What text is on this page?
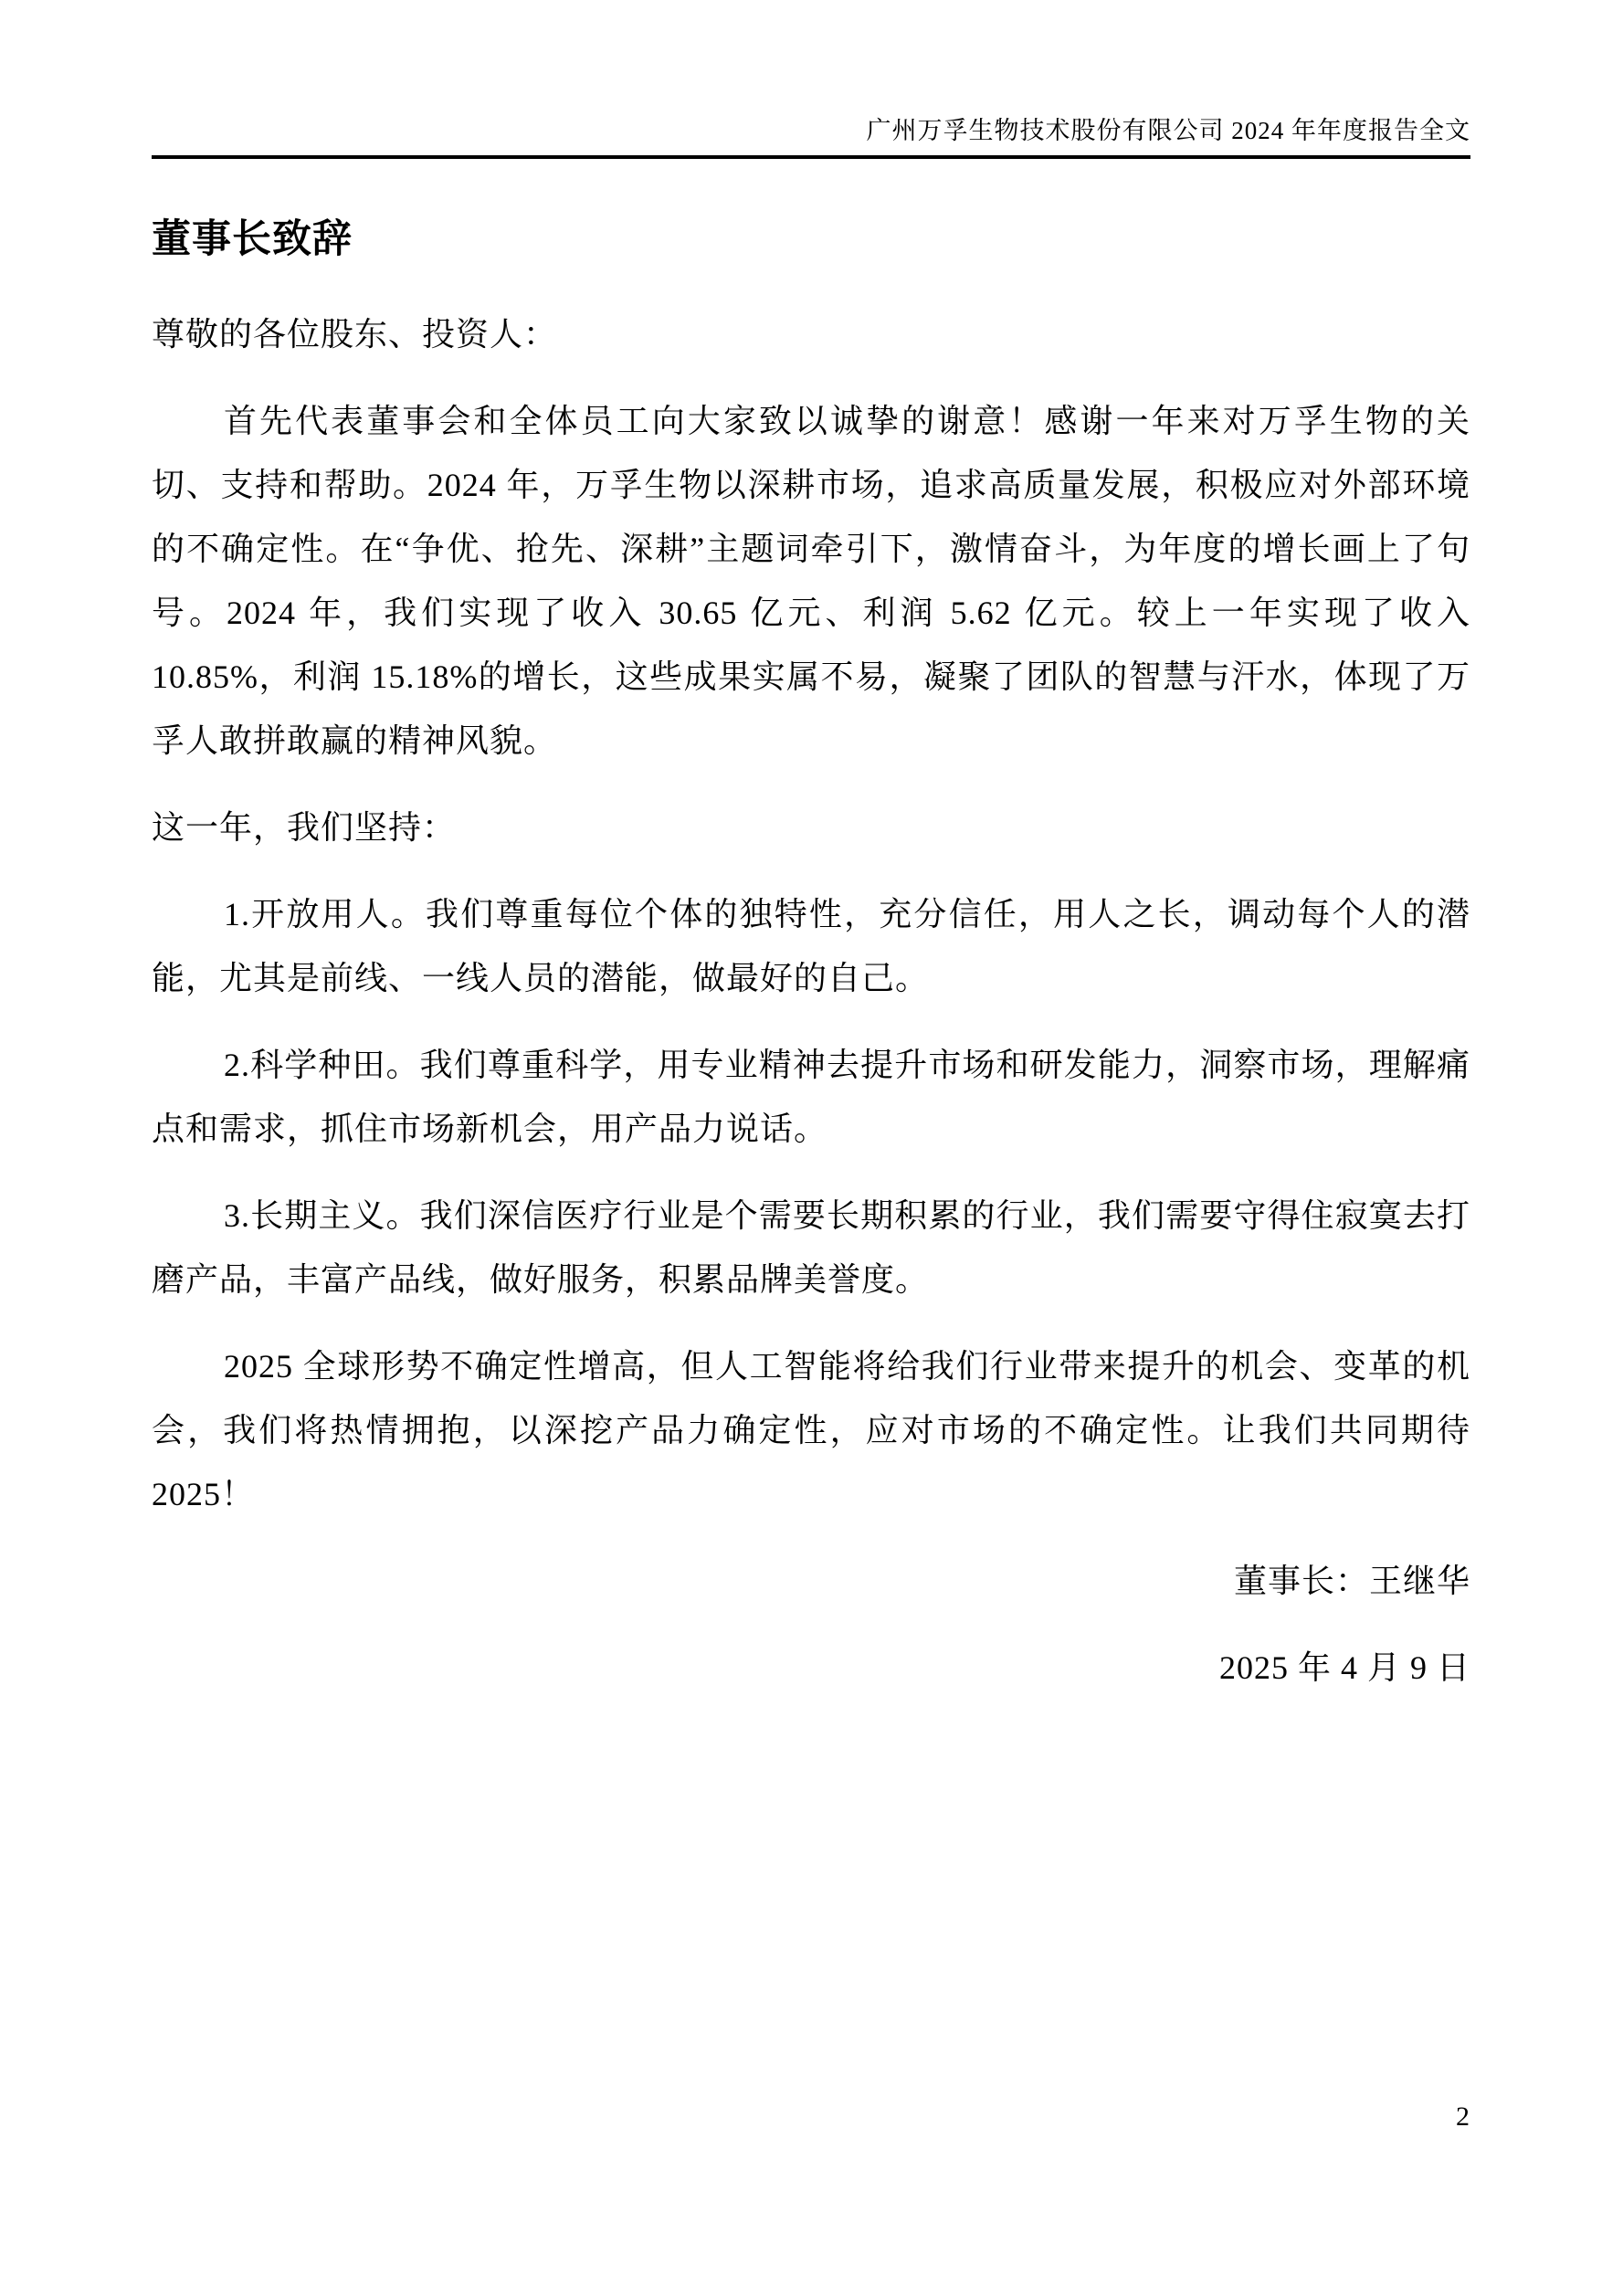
广州万孚生物技术股份有限公司 2024 年年度报告全文
董事长致辞

尊敬的各位股东、投资人：

首先代表董事会和全体员工向大家致以诚挚的谢意！感谢一年来对万孚生物的关切、支持和帮助。2024 年，万孚生物以深耕市场，追求高质量发展，积极应对外部环境的不确定性。在“争优、抢先、深耕”主题词牵引下，激情奋斗，为年度的增长画上了句号。2024 年，我们实现了收入 30.65 亿元、利润 5.62 亿元。较上一年实现了收入 10.85%，利润 15.18%的增长，这些成果实属不易，凝聚了团队的智慧与汗水，体现了万孚人敢拼敢赢的精神风貌。

这一年，我们坚持：

1.开放用人。我们尊重每位个体的独特性，充分信任，用人之长，调动每个人的潜能，尤其是前线、一线人员的潜能，做最好的自己。

2.科学种田。我们尊重科学，用专业精神去提升市场和研发能力，洞察市场，理解痛点和需求，抓住市场新机会，用产品力说话。

3.长期主义。我们深信医疗行业是个需要长期积累的行业，我们需要守得住寂寞去打磨产品，丰富产品线，做好服务，积累品牌美誉度。

2025 全球形势不确定性增高，但人工智能将给我们行业带来提升的机会、变革的机会，我们将热情拥抱，以深挖产品力确定性，应对市场的不确定性。让我们共同期待 2025！

董事长：王继华

2025 年 4 月 9 日

2
